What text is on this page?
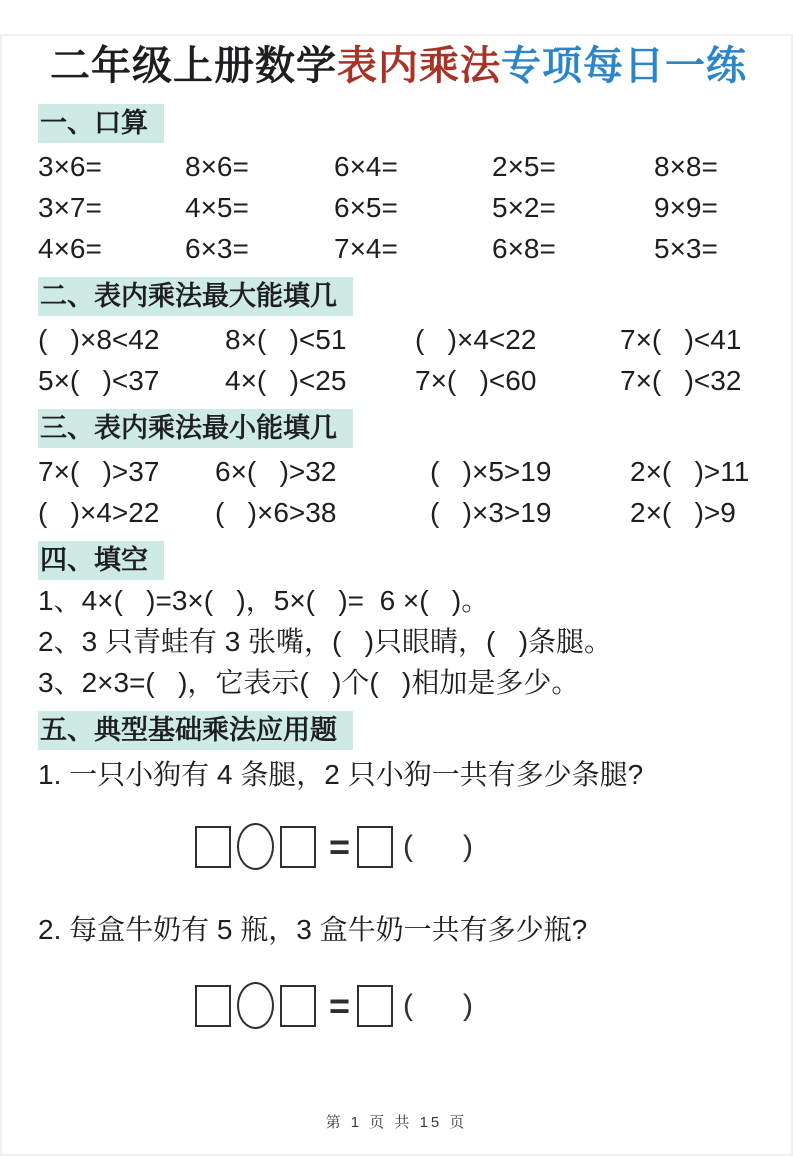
二年级上册数学表内乘法专项每日一练
一、口算
3×6=	8×6=	6×4=	2×5=	8×8=
3×7=	4×5=	6×5=	5×2=	9×9=
4×6=	6×3=	7×4=	6×8=	5×3=
二、表内乘法最大能填几
(   )×8<42	8×(   )<51	(   )×4<22	7×(   )<41
5×(   )<37	4×(   )<25	7×(   )<60	7×(   )<32
三、表内乘法最小能填几
7×(   )>37	6×(   )>32	(   )×5>19	2×(   )>11
(   )×4>22	(   )×6>38	(   )×3>19	2×(   )>9
四、填空
1、4×(   )=3×(   )，5×(   )=  6 ×(   )。
2、3 只青蛙有 3 张嘴，(   )只眼睛，(   )条腿。
3、2×3=(   )，它表示(   )个(   )相加是多少。
五、典型基础乘法应用题
1. 一只小狗有 4 条腿，2 只小狗一共有多少条腿?
= (      )
2. 每盒牛奶有 5 瓶，3 盒牛奶一共有多少瓶?
= (      )
第 1 页 共 15 页
